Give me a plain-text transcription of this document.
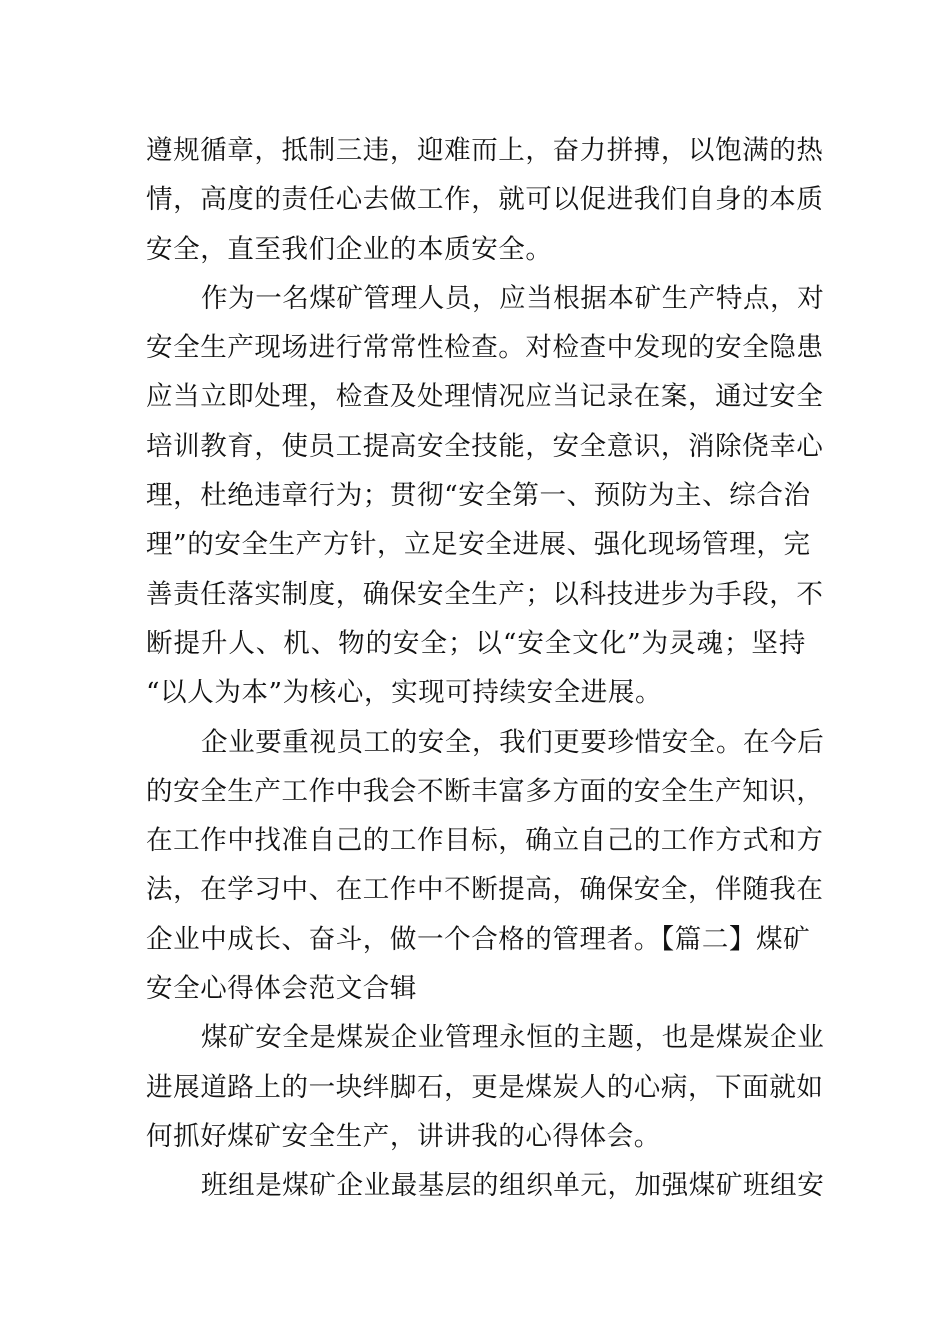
遵规循章，抵制三违，迎难而上，奋力拼搏，以饱满的热
情，高度的责任心去做工作，就可以促进我们自身的本质
安全，直至我们企业的本质安全。
作为一名煤矿管理人员，应当根据本矿生产特点，对
安全生产现场进行常常性检查。对检查中发现的安全隐患
应当立即处理，检查及处理情况应当记录在案，通过安全
培训教育，使员工提高安全技能，安全意识，消除侥幸心
理，杜绝违章行为；贯彻“安全第一、预防为主、综合治
理”的安全生产方针，立足安全进展、强化现场管理，完
善责任落实制度，确保安全生产；以科技进步为手段，不
断提升人、机、物的安全；以“安全文化”为灵魂；坚持
“以人为本”为核心，实现可持续安全进展。
企业要重视员工的安全，我们更要珍惜安全。在今后
的安全生产工作中我会不断丰富多方面的安全生产知识，
在工作中找准自己的工作目标，确立自己的工作方式和方
法，在学习中、在工作中不断提高，确保安全，伴随我在
企业中成长、奋斗，做一个合格的管理者。【篇二】煤矿
安全心得体会范文合辑
煤矿安全是煤炭企业管理永恒的主题，也是煤炭企业
进展道路上的一块绊脚石，更是煤炭人的心病，下面就如
何抓好煤矿安全生产，讲讲我的心得体会。
班组是煤矿企业最基层的组织单元，加强煤矿班组安
